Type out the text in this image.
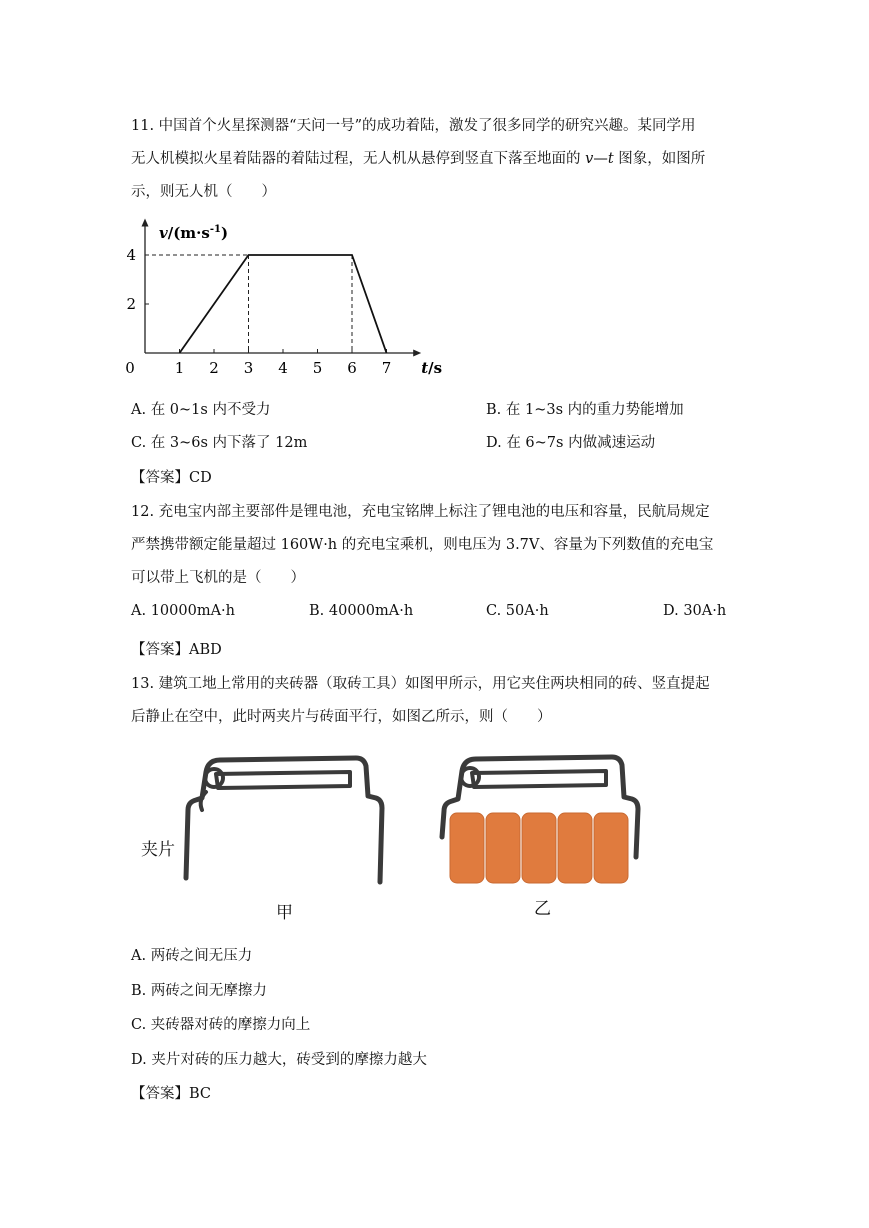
11. 中国首个火星探测器“天问一号”的成功着陆，激发了很多同学的研究兴趣。某同学用
无人机模拟火星着陆器的着陆过程，无人机从悬停到竖直下落至地面的 v—t 图象，如图所
示，则无人机（　　）
0	1 2 3 4 5 6 7
2
4
t/s
$v/(m\cdot s^{-1})$
A. 在 0~1s 内不受力	B. 在 1~3s 内的重力势能增加
C. 在 3~6s 内下落了 12m	D. 在 6~7s 内做减速运动
【答案】CD
12. 充电宝内部主要部件是锂电池，充电宝铭牌上标注了锂电池的电压和容量，民航局规定
严禁携带额定能量超过 160W·h 的充电宝乘机，则电压为 3.7V、容量为下列数值的充电宝
可以带上飞机的是（　　）
A. 10000mA·h	B. 40000mA·h	C. 50A·h	D. 30A·h
【答案】ABD
13. 建筑工地上常用的夹砖器（取砖工具）如图甲所示，用它夹住两块相同的砖、竖直提起
后静止在空中，此时两夹片与砖面平行，如图乙所示，则（　　）
夹片
甲	乙
A. 两砖之间无压力
B. 两砖之间无摩擦力
C. 夹砖器对砖的摩擦力向上
D. 夹片对砖的压力越大，砖受到的摩擦力越大
【答案】BC
